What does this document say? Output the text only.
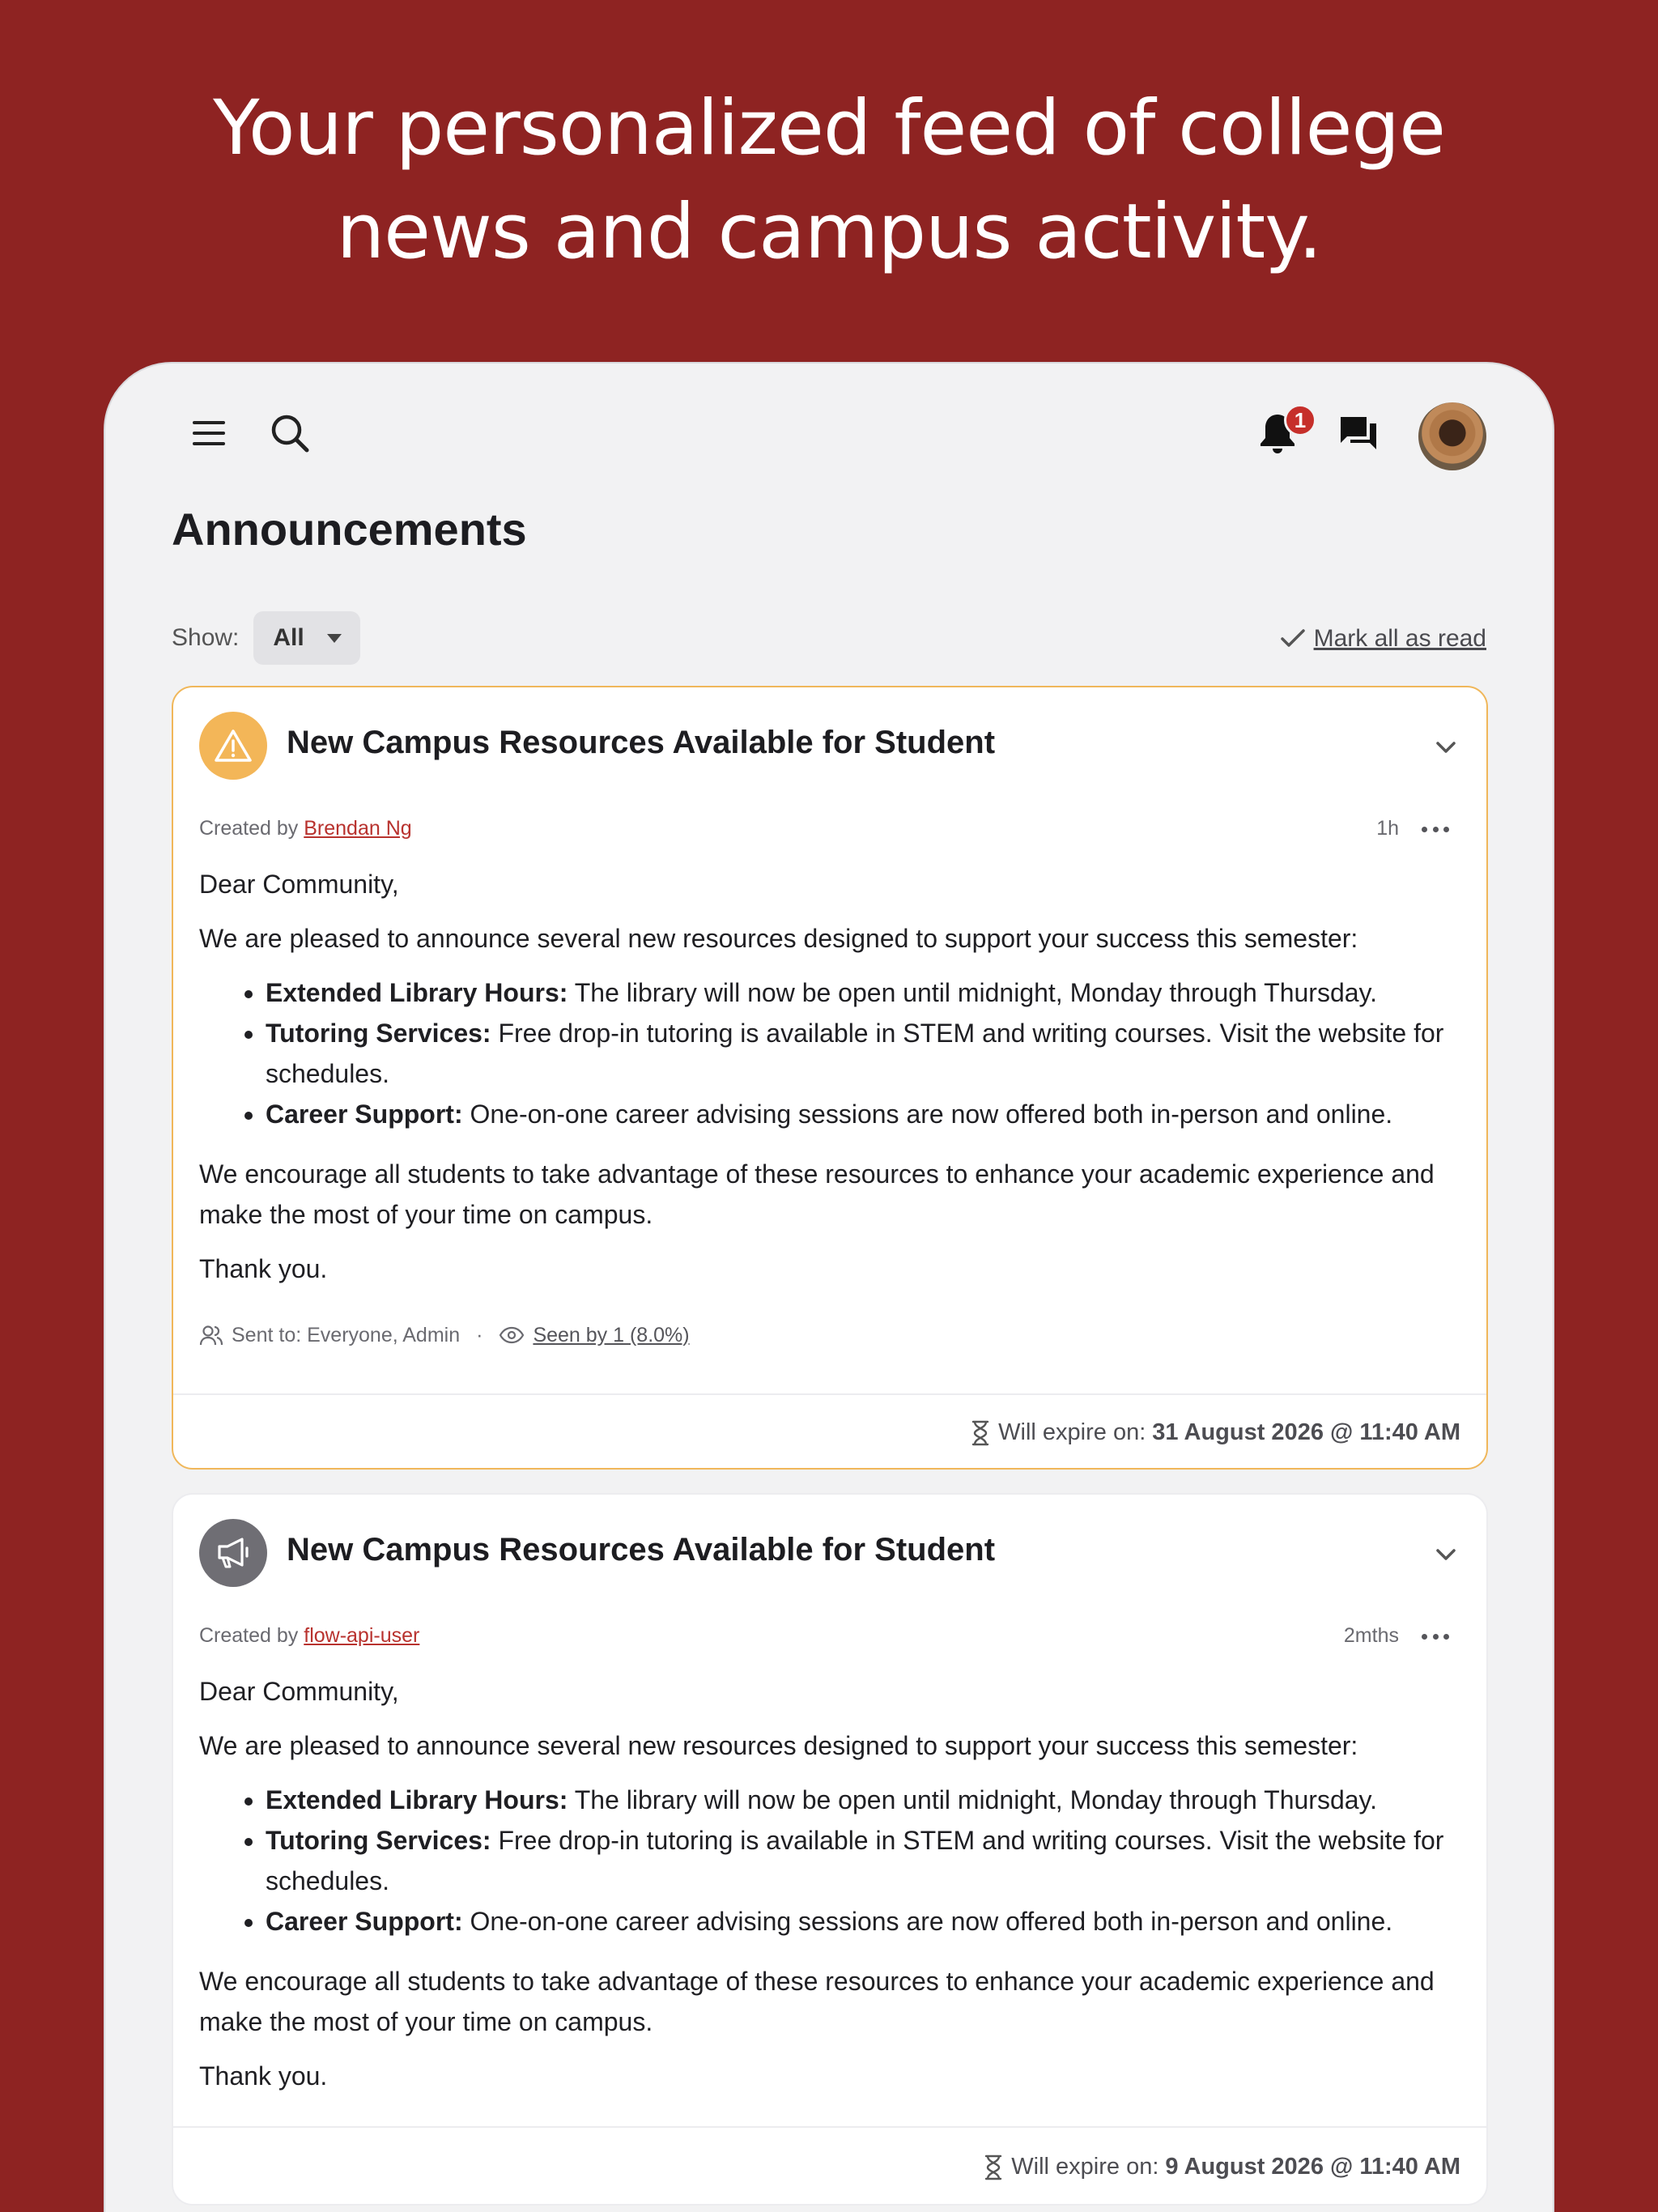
Your personalized feed of college
news and campus activity.
1
Announcements
Show: All	Mark all as read
New Campus Resources Available for Student
Created by Brendan Ng	1h

Dear Community,

We are pleased to announce several new resources designed to support your success this semester:

• Extended Library Hours: The library will now be open until midnight, Monday through Thursday.
• Tutoring Services: Free drop-in tutoring is available in STEM and writing courses. Visit the website for schedules.
• Career Support: One-on-one career advising sessions are now offered both in-person and online.

We encourage all students to take advantage of these resources to enhance your academic experience and make the most of your time on campus.

Thank you.

Sent to: Everyone, Admin · Seen by 1 (8.0%)
Will expire on: 31 August 2026 @ 11:40 AM
New Campus Resources Available for Student
Created by flow-api-user	2mths

Dear Community,

We are pleased to announce several new resources designed to support your success this semester:

• Extended Library Hours: The library will now be open until midnight, Monday through Thursday.
• Tutoring Services: Free drop-in tutoring is available in STEM and writing courses. Visit the website for schedules.
• Career Support: One-on-one career advising sessions are now offered both in-person and online.

We encourage all students to take advantage of these resources to enhance your academic experience and make the most of your time on campus.

Thank you.

Will expire on: 9 August 2026 @ 11:40 AM
